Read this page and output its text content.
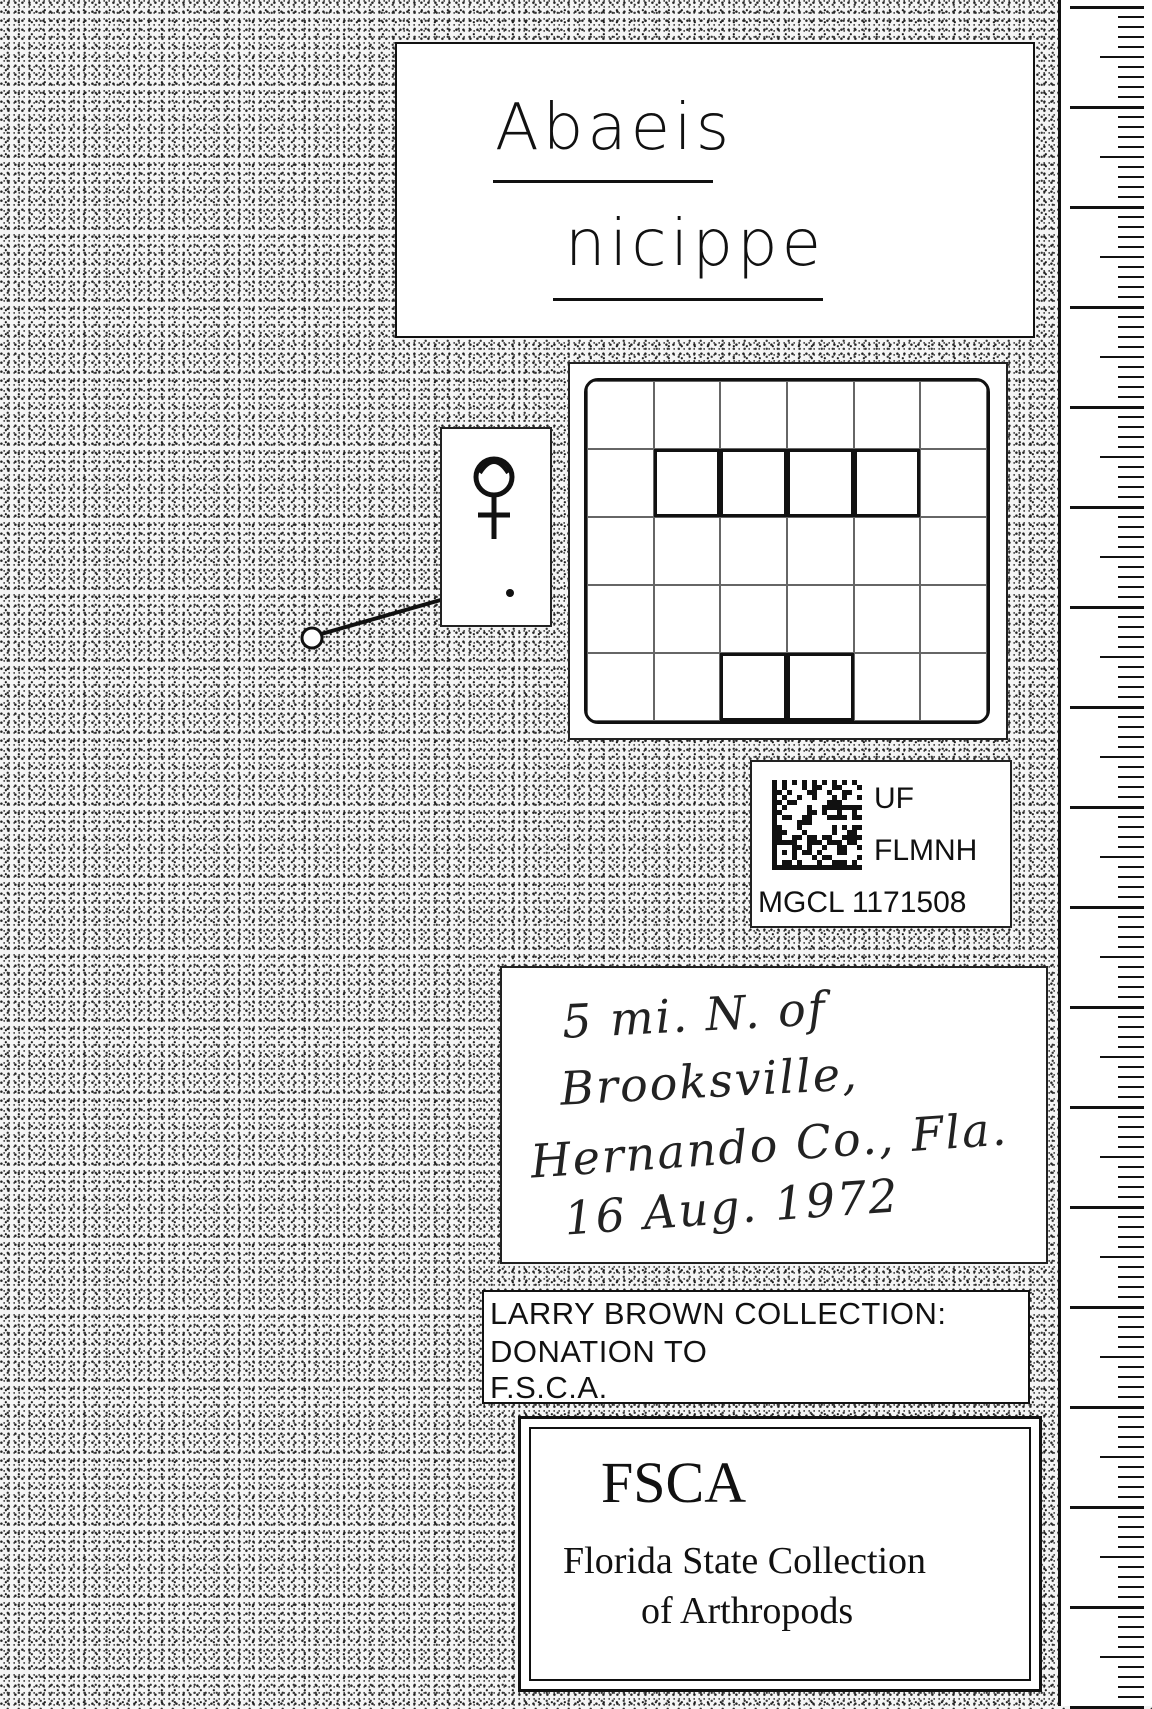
Abaeis
nicippe
UF
FLMNH
MGCL 1171508
5 mi. N. of
Brooksville,
Hernando Co., Fla.
16 Aug. 1972
LARRY BROWN COLLECTION:
DONATION TO
F.S.C.A.
FSCA
Florida State Collection
of Arthropods
